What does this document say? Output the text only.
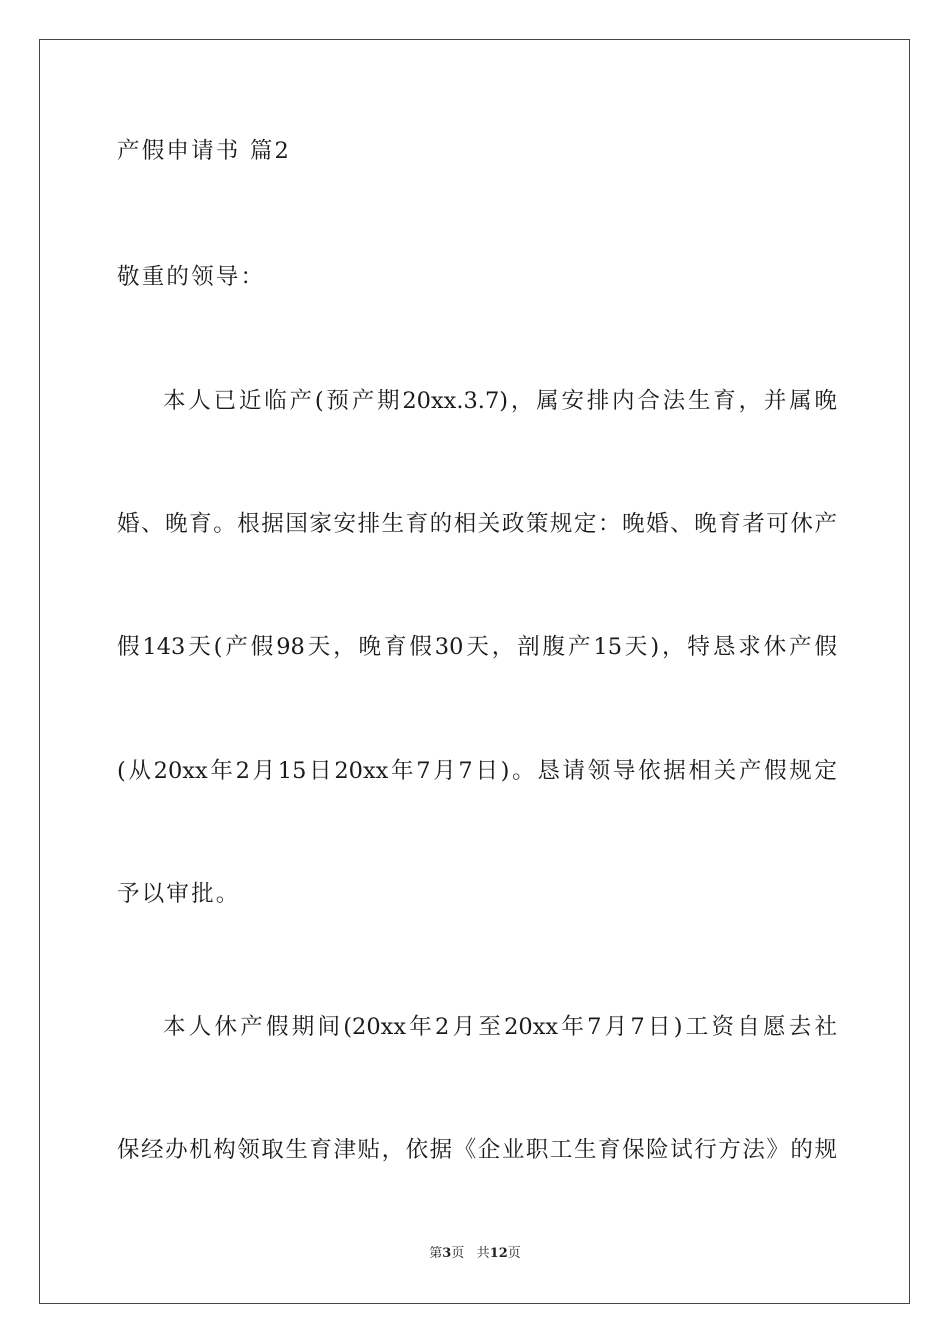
产假申请书 篇2
敬重的领导：
本人已近临产(预产期20xx.3.7)，属安排内合法生育，并属晚
婚、晚育。根据国家安排生育的相关政策规定：晚婚、晚育者可休产
假143天(产假98天，晚育假30天，剖腹产15天)，特恳求休产假
(从20xx年2月15日20xx年7月7日)。恳请领导依据相关产假规定
予以审批。
本人休产假期间(20xx年2月至20xx年7月7日)工资自愿去社
保经办机构领取生育津贴，依据《企业职工生育保险试行方法》的规
第3页 共12页
